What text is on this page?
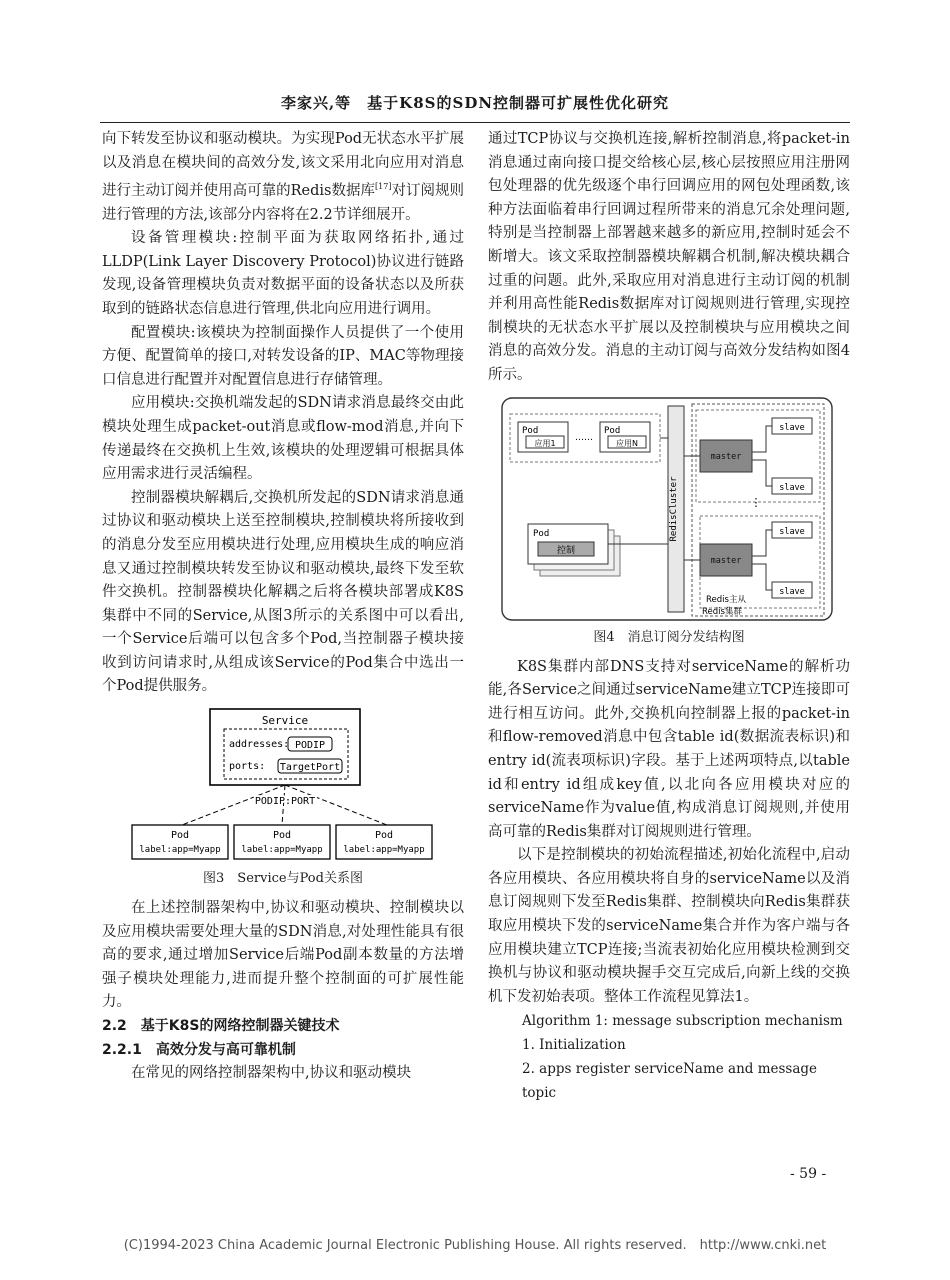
李家兴,等　基于K8S的SDN控制器可扩展性优化研究

向下转发至协议和驱动模块。为实现Pod无状态水平扩展以及消息在模块间的高效分发,该文采用北向应用对消息进行主动订阅并使用高可靠的Redis数据库[17]对订阅规则进行管理的方法,该部分内容将在2.2节详细展开。

设备管理模块:控制平面为获取网络拓扑,通过LLDP(Link Layer Discovery Protocol)协议进行链路发现,设备管理模块负责对数据平面的设备状态以及所获取到的链路状态信息进行管理,供北向应用进行调用。

配置模块:该模块为控制面操作人员提供了一个使用方便、配置简单的接口,对转发设备的IP、MAC等物理接口信息进行配置并对配置信息进行存储管理。

应用模块:交换机端发起的SDN请求消息最终交由此模块处理生成packet-out消息或flow-mod消息,并向下传递最终在交换机上生效,该模块的处理逻辑可根据具体应用需求进行灵活编程。

控制器模块解耦后,交换机所发起的SDN请求消息通过协议和驱动模块上送至控制模块,控制模块将所接收到的消息分发至应用模块进行处理,应用模块生成的响应消息又通过控制模块转发至协议和驱动模块,最终下发至软件交换机。控制器模块化解耦之后将各模块部署成K8S集群中不同的Service,从图3所示的关系图中可以看出,一个Service后端可以包含多个Pod,当控制器子模块接收到访问请求时,从组成该Service的Pod集合中选出一个Pod提供服务。

Service
addresses: PODIP
ports: TargetPort
PODIP:PORT
Pod
label:app=Myapp
Pod
label:app=Myapp
Pod
label:app=Myapp
图3　Service与Pod关系图

在上述控制器架构中,协议和驱动模块、控制模块以及应用模块需要处理大量的SDN消息,对处理性能具有很高的要求,通过增加Service后端Pod副本数量的方法增强子模块处理能力,进而提升整个控制面的可扩展性能力。

2.2　基于K8S的网络控制器关键技术

2.2.1　高效分发与高可靠机制

在常见的网络控制器架构中,协议和驱动模块

通过TCP协议与交换机连接,解析控制消息,将packet-in消息通过南向接口提交给核心层,核心层按照应用注册网包处理器的优先级逐个串行回调应用的网包处理函数,该种方法面临着串行回调过程所带来的消息冗余处理问题,特别是当控制器上部署越来越多的新应用,控制时延会不断增大。该文采取控制器模块解耦合机制,解决模块耦合过重的问题。此外,采取应用对消息进行主动订阅的机制并利用高性能Redis数据库对订阅规则进行管理,实现控制模块的无状态水平扩展以及控制模块与应用模块之间消息的高效分发。消息的主动订阅与高效分发结构如图4所示。

Pod
应用1
……
Pod
应用N
Pod
控制
RedisCluster
master
master
slave
slave
slave
slave
⋮
Redis主从
Redis集群
图4　消息订阅分发结构图

K8S集群内部DNS支持对serviceName的解析功能,各Service之间通过serviceName建立TCP连接即可进行相互访问。此外,交换机向控制器上报的packet-in和flow-removed消息中包含table id(数据流表标识)和entry id(流表项标识)字段。基于上述两项特点,以table id和entry id组成key值,以北向各应用模块对应的serviceName作为value值,构成消息订阅规则,并使用高可靠的Redis集群对订阅规则进行管理。

以下是控制模块的初始流程描述,初始化流程中,启动各应用模块、各应用模块将自身的serviceName以及消息订阅规则下发至Redis集群、控制模块向Redis集群获取应用模块下发的serviceName集合并作为客户端与各应用模块建立TCP连接;当流表初始化应用模块检测到交换机与协议和驱动模块握手交互完成后,向新上线的交换机下发初始表项。整体工作流程见算法1。

Algorithm 1: message subscription mechanism

1. Initialization

2. apps register serviceName and message topic

- 59 -
(C)1994-2023 China Academic Journal Electronic Publishing House. All rights reserved.　http://www.cnki.net
